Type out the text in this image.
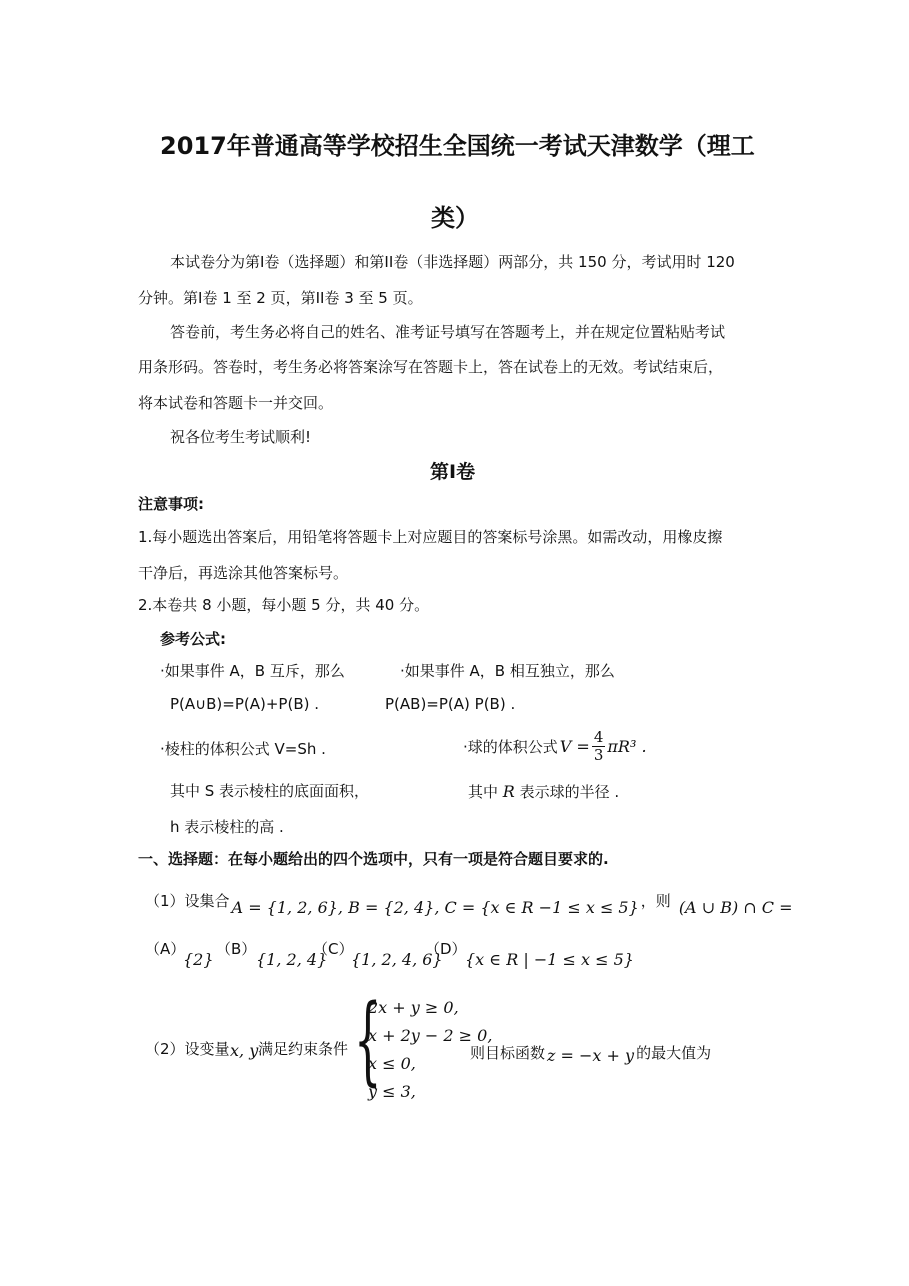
2017年普通高等学校招生全国统一考试天津数学（理工
类）
本试卷分为第I卷（选择题）和第II卷（非选择题）两部分，共 150 分，考试用时 120
分钟。第I卷 1 至 2 页，第II卷 3 至 5 页。
答卷前，考生务必将自己的姓名、准考证号填写在答题考上，并在规定位置粘贴考试
用条形码。答卷时，考生务必将答案涂写在答题卡上，答在试卷上的无效。考试结束后，
将本试卷和答题卡一并交回。
祝各位考生考试顺利!
第I卷
注意事项:
1.每小题选出答案后，用铅笔将答题卡上对应题目的答案标号涂黑。如需改动，用橡皮擦
干净后，再选涂其他答案标号。
2.本卷共 8 小题，每小题 5 分，共 40 分。
参考公式:
·如果事件 A，B 互斥，那么	·如果事件 A，B 相互独立，那么
P(A∪B)=P(A)+P(B) .	P(AB)=P(A) P(B) .
·棱柱的体积公式 V=Sh .	·球的体积公式 $V = \frac{4}{3} \pi R^3$ .
其中 S 表示棱柱的底面面积，	其中 R 表示球的半径 .
h 表示棱柱的高 .
一、选择题：在每小题给出的四个选项中，只有一项是符合题目要求的.
（1）设集合 A = {1, 2, 6}, B = {2, 4}, C = {x ∈ R −1 ≤ x ≤ 5} ，则 (A ∪ B) ∩ C =
（A）
{2}
（B）
{1, 2, 4}
（C）
{1, 2, 4, 6}
（D）
{x ∈ R | −1 ≤ x ≤ 5}
（2）设变量 x, y 满足约束条件 {
2x + y ≥ 0,
x + 2y − 2 ≥ 0,
x ≤ 0,
y ≤ 3,
则目标函数 z = −x + y 的最大值为
